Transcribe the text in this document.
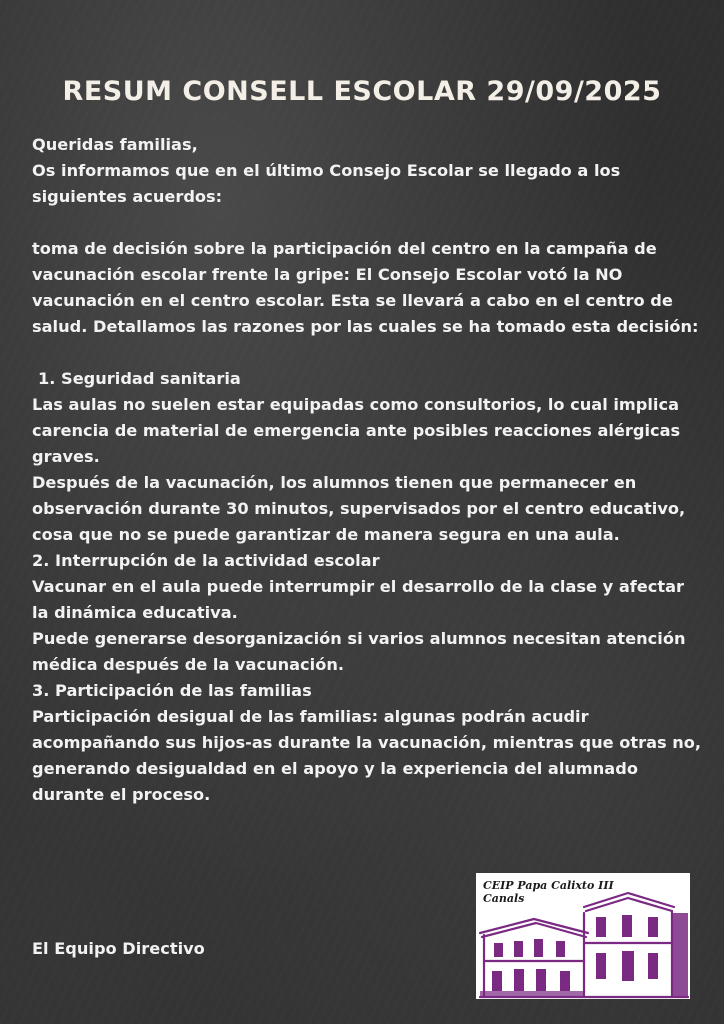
RESUM CONSELL ESCOLAR 29/09/2025

Queridas familias,

Os informamos que en el último Consejo Escolar se llegado a los siguientes acuerdos:

toma de decisión sobre la participación del centro en la campaña de vacunación escolar frente la gripe: El Consejo Escolar votó la NO vacunación en el centro escolar. Esta se llevará a cabo en el centro de salud. Detallamos las razones por las cuales se ha tomado esta decisión:

1. Seguridad sanitaria

Las aulas no suelen estar equipadas como consultorios, lo cual implica carencia de material de emergencia ante posibles reacciones alérgicas graves.

Después de la vacunación, los alumnos tienen que permanecer en observación durante 30 minutos, supervisados por el centro educativo, cosa que no se puede garantizar de manera segura en una aula.

2. Interrupción de la actividad escolar

Vacunar en el aula puede interrumpir el desarrollo de la clase y afectar la dinámica educativa.

Puede generarse desorganización si varios alumnos necesitan atención médica después de la vacunación.

3. Participación de las familias

Participación desigual de las familias: algunas podrán acudir acompañando sus hijos-as durante la vacunación, mientras que otras no, generando desigualdad en el apoyo y la experiencia del alumnado durante el proceso.

El Equipo Directivo
CEIP Papa Calixto III
Canals
